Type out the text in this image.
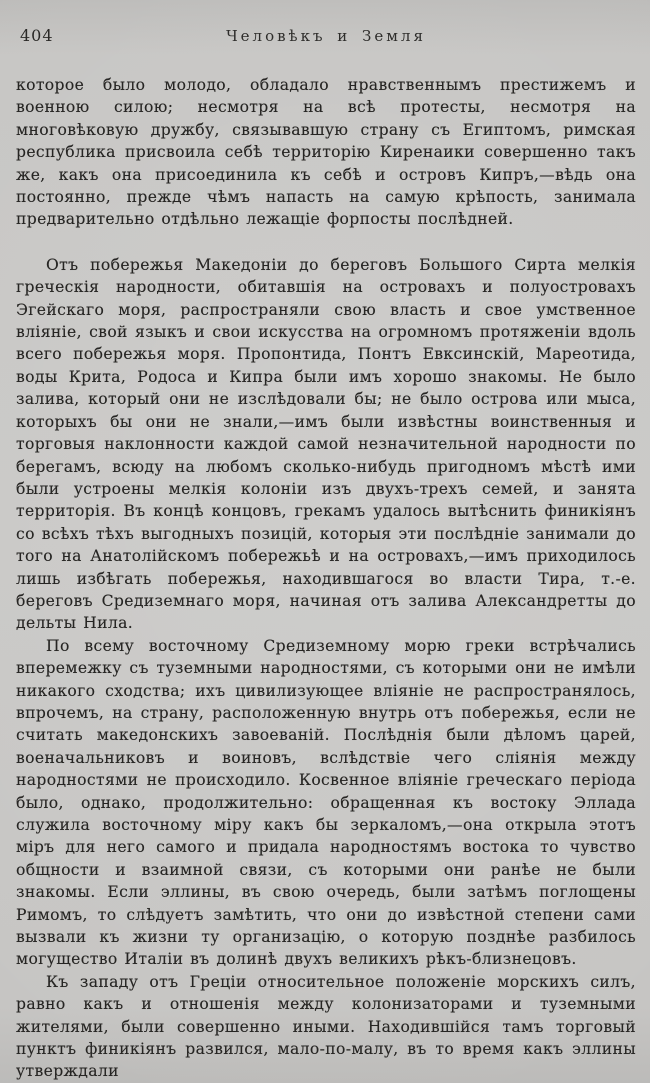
404	Человѣкъ и Земля

которое было молодо, обладало нравственнымъ престижемъ и военною силою; несмотря на всѣ протесты, несмотря на многовѣковую дружбу, связывавшую страну съ Египтомъ, римская республика присвоила себѣ территорію Киренаики совершенно такъ же, какъ она присоединила къ себѣ и островъ Кипръ,—вѣдь она постоянно, прежде чѣмъ напасть на самую крѣпость, занимала предварительно отдѣльно лежащіе форпосты послѣдней.

Отъ побережья Македоніи до береговъ Большого Сирта мелкія греческія народности, обитавшія на островахъ и полуостровахъ Эгейскаго моря, распространяли свою власть и свое умственное вліяніе, свой языкъ и свои искусства на огромномъ протяженіи вдоль всего побережья моря. Пропонтида, Понтъ Евксинскій, Мареотида, воды Крита, Родоса и Кипра были имъ хорошо знакомы. Не было залива, который они не изслѣдовали бы; не было острова или мыса, которыхъ бы они не знали,—имъ были извѣстны воинственныя и торговыя наклонности каждой самой незначительной народности по берегамъ, всюду на любомъ сколько-нибудь пригодномъ мѣстѣ ими были устроены мелкія колоніи изъ двухъ-трехъ семей, и занята территорія. Въ концѣ концовъ, грекамъ удалось вытѣснить финикіянъ со всѣхъ тѣхъ выгодныхъ позицій, которыя эти послѣдніе занимали до того на Анатолійскомъ побережьѣ и на островахъ,—имъ приходилось лишь избѣгать побережья, находившагося во власти Тира, т.-е. береговъ Средиземнаго моря, начиная отъ залива Александретты до дельты Нила.

По всему восточному Средиземному морю греки встрѣчались вперемежку съ туземными народностями, съ которыми они не имѣли никакого сходства; ихъ цивилизующее вліяніе не распространялось, впрочемъ, на страну, расположенную внутрь отъ побережья, если не считать македонскихъ завоеваній. Послѣднія были дѣломъ царей, военачальниковъ и воиновъ, вслѣдствіе чего сліянія между народностями не происходило. Косвенное вліяніе греческаго періода было, однако, продолжительно: обращенная къ востоку Эллада служила восточному міру какъ бы зеркаломъ,—она открыла этотъ міръ для него самого и придала народностямъ востока то чувство общности и взаимной связи, съ которыми они ранѣе не были знакомы. Если эллины, въ свою очередь, были затѣмъ поглощены Римомъ, то слѣдуетъ замѣтить, что они до извѣстной степени сами вызвали къ жизни ту организацію, о которую позднѣе разбилось могущество Италіи въ долинѣ двухъ великихъ рѣкъ-близнецовъ.

Къ западу отъ Греціи относительное положеніе морскихъ силъ, равно какъ и отношенія между колонизаторами и туземными жителями, были совершенно иными. Находившійся тамъ торговый пунктъ финикіянъ развился, мало-по-малу, въ то время какъ эллины утверждали
